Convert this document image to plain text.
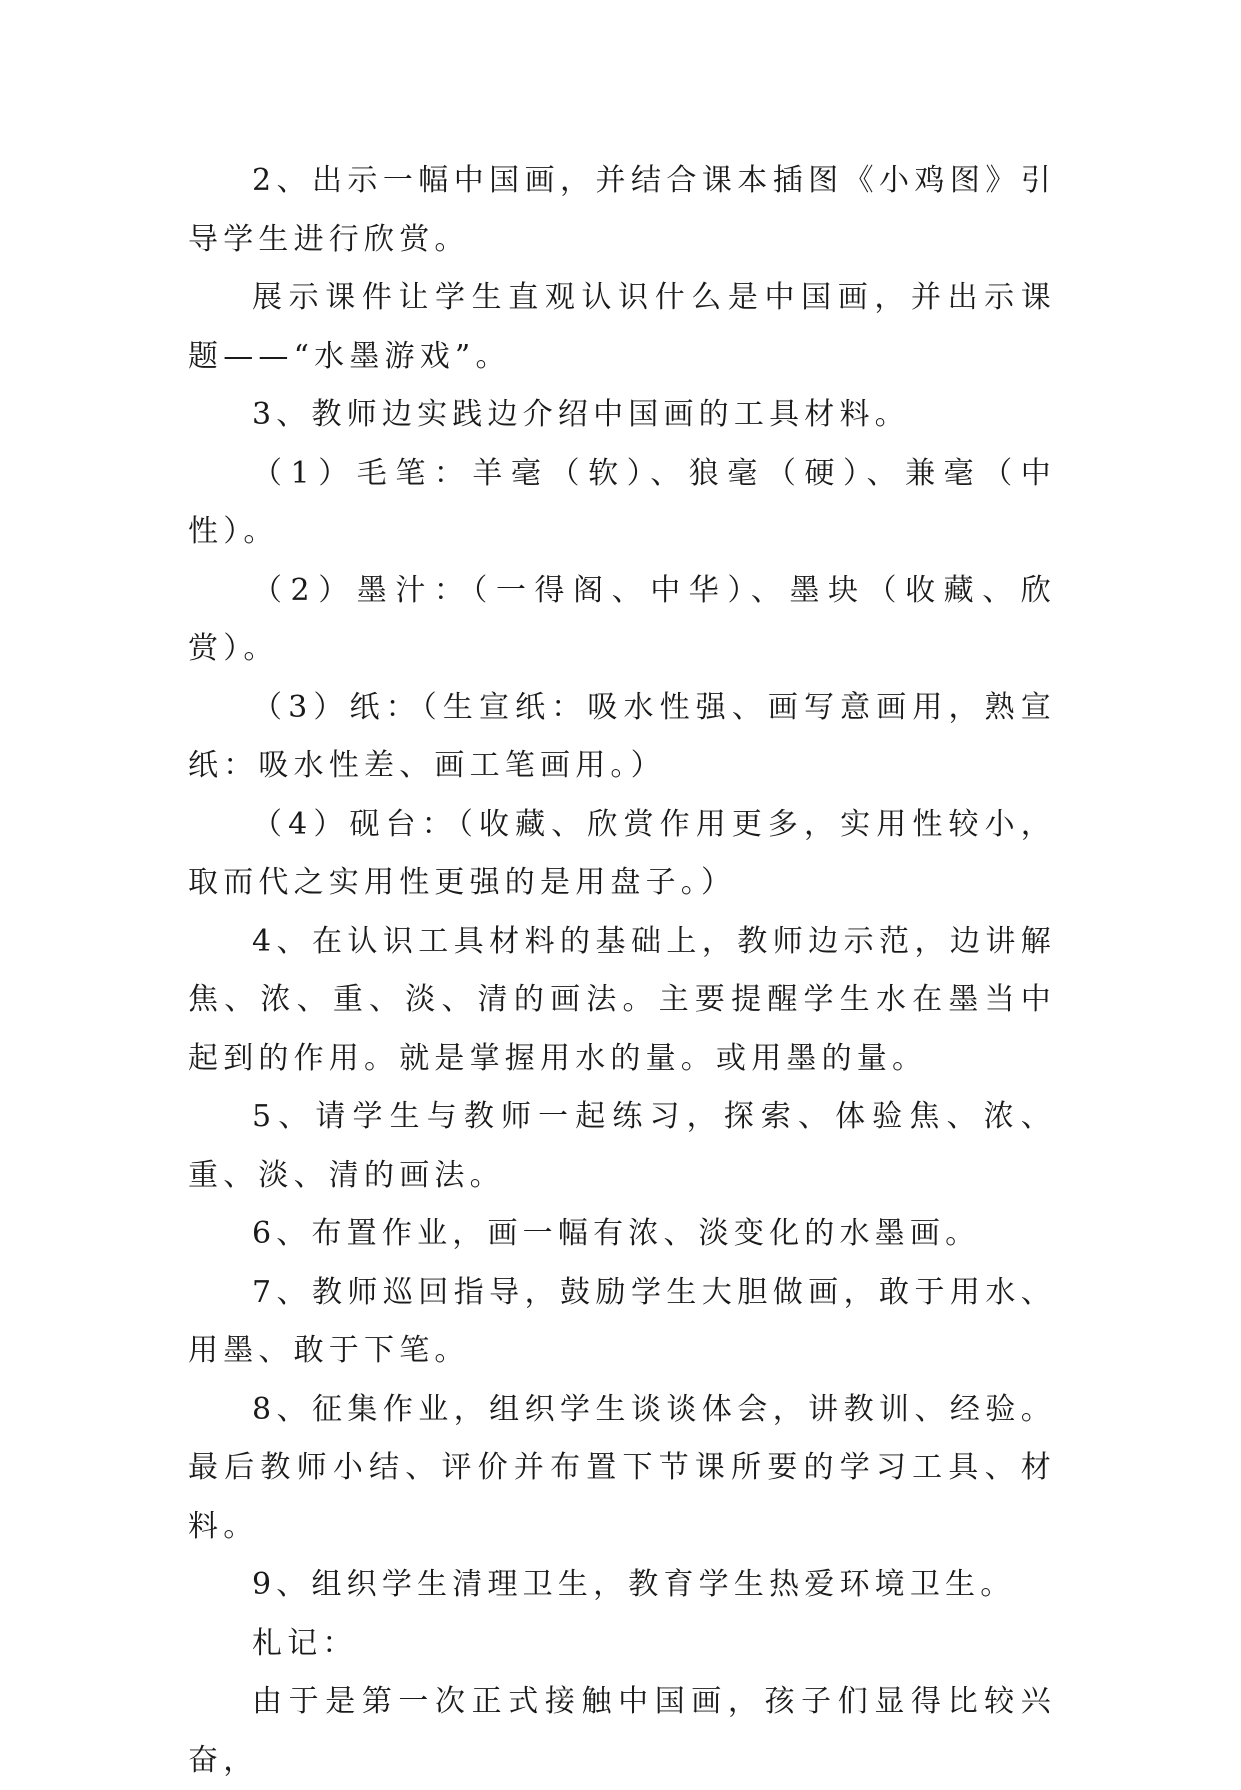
2、出示一幅中国画，并结合课本插图《小鸡图》引导学生进行欣赏。

展示课件让学生直观认识什么是中国画，并出示课题——“水墨游戏”。

3、教师边实践边介绍中国画的工具材料。

（1）毛笔：羊毫（软）、狼毫（硬）、兼毫（中性）。

（2）墨汁：（一得阁、中华）、墨块（收藏、欣赏）。

（3）纸：（生宣纸：吸水性强、画写意画用，熟宣纸：吸水性差、画工笔画用。）

（4）砚台：（收藏、欣赏作用更多，实用性较小，取而代之实用性更强的是用盘子。）

4、在认识工具材料的基础上，教师边示范，边讲解焦、浓、重、淡、清的画法。主要提醒学生水在墨当中起到的作用。就是掌握用水的量。或用墨的量。

5、请学生与教师一起练习，探索、体验焦、浓、重、淡、清的画法。

6、布置作业，画一幅有浓、淡变化的水墨画。

7、教师巡回指导，鼓励学生大胆做画，敢于用水、用墨、敢于下笔。

8、征集作业，组织学生谈谈体会，讲教训、经验。最后教师小结、评价并布置下节课所要的学习工具、材料。

9、组织学生清理卫生，教育学生热爱环境卫生。

札记：

由于是第一次正式接触中国画，孩子们显得比较兴奋，
